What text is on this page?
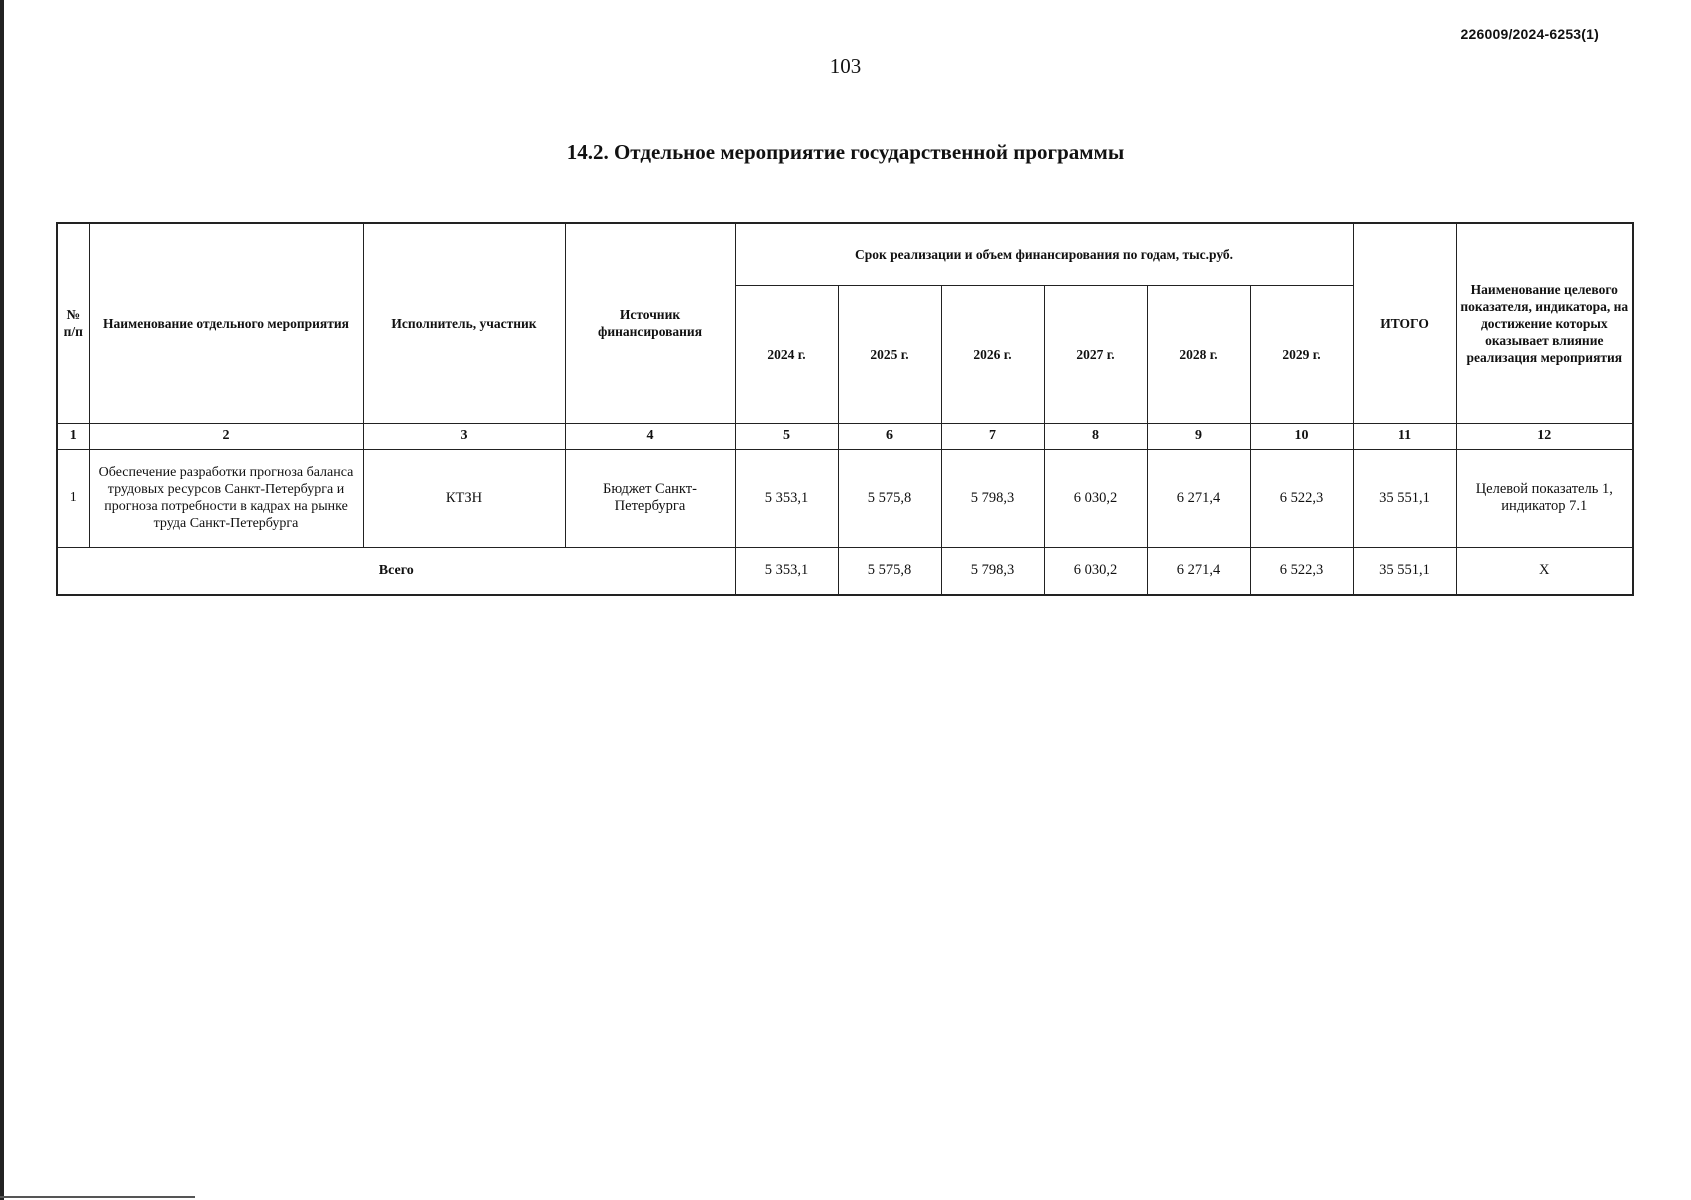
226009/2024-6253(1)
103
14.2. Отдельное мероприятие государственной программы
№ п/п	Наименование отдельного мероприятия	Исполнитель, участник	Источник финансирования	Срок реализации и объем финансирования по годам, тыс.руб.						ИТОГО	Наименование целевого показателя, индикатора, на достижение которых оказывает влияние реализация мероприятия
				2024 г.	2025 г.	2026 г.	2027 г.	2028 г.	2029 г.		
1	2	3	4	5	6	7	8	9	10	11	12
1	Обеспечение разработки прогноза баланса трудовых ресурсов Санкт-Петербурга и прогноза потребности в кадрах на рынке труда Санкт-Петербурга	КТЗН	Бюджет Санкт-Петербурга	5 353,1	5 575,8	5 798,3	6 030,2	6 271,4	6 522,3	35 551,1	Целевой показатель 1, индикатор 7.1
Всего				5 353,1	5 575,8	5 798,3	6 030,2	6 271,4	6 522,3	35 551,1	Х
